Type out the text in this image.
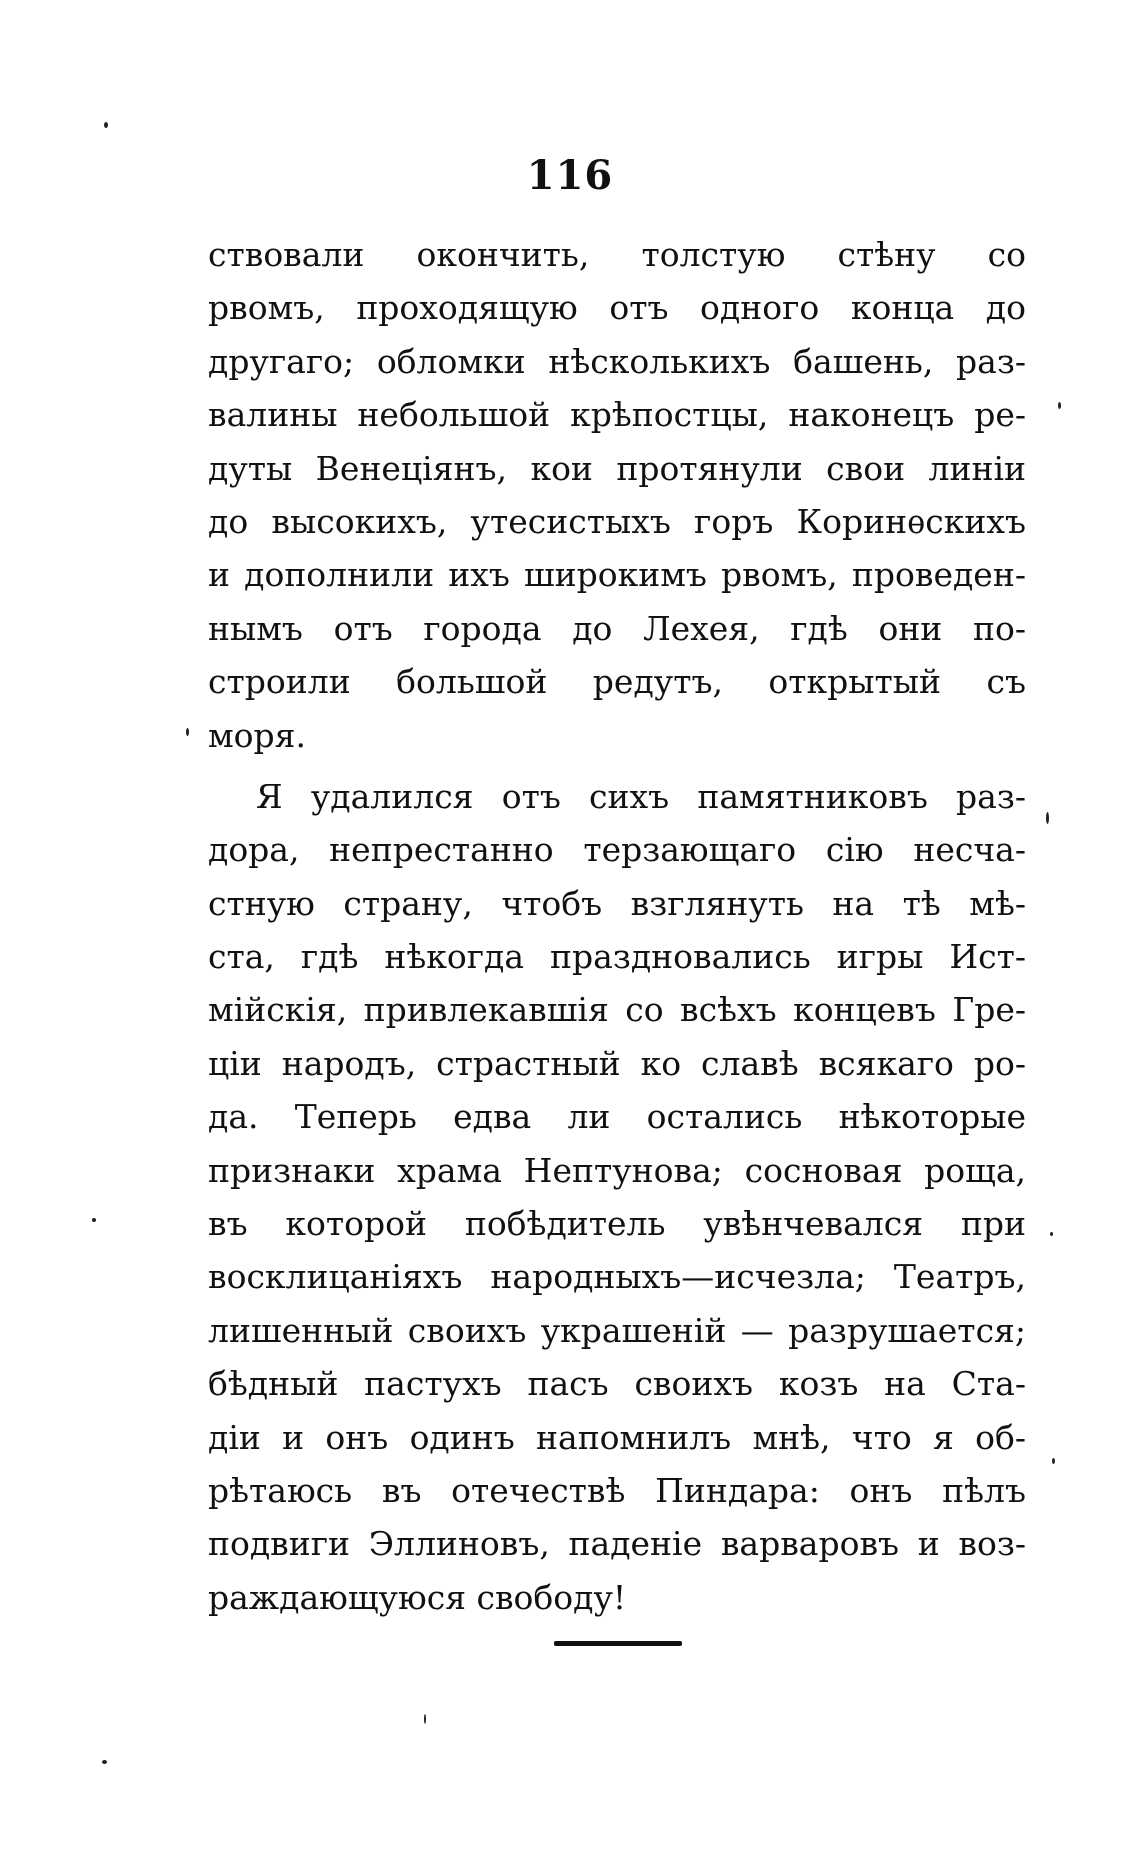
116
ствовали окончить, толстую стѣну со
рвомъ, проходящую отъ одного конца до
другаго; обломки нѣсколькихъ башень, раз-
валины небольшой крѣпостцы, наконецъ ре-
дуты Венеціянъ, кои протянули свои линіи
до высокихъ, утесистыхъ горъ Коринѳскихъ
и дополнили ихъ широкимъ рвомъ, проведен-
нымъ отъ города до Лехея, гдѣ они по-
строили большой редутъ, открытый съ
моря.
Я удалился отъ сихъ памятниковъ раз-
дора, непрестанно терзающаго сію несча-
стную страну, чтобъ взглянуть на тѣ мѣ-
ста, гдѣ нѣкогда праздновались игры Ист-
мійскія, привлекавшія со всѣхъ концевъ Гре-
ціи народъ, страстный ко славѣ всякаго ро-
да. Теперь едва ли остались нѣкоторые
признаки храма Нептунова; сосновая роща,
въ которой побѣдитель увѣнчевался при
восклицаніяхъ народныхъ—исчезла; Театръ,
лишенный своихъ украшеній — разрушается;
бѣдный пастухъ пасъ своихъ козъ на Ста-
діи и онъ одинъ напомнилъ мнѣ, что я об-
рѣтаюсь въ отечествѣ Пиндара: онъ пѣлъ
подвиги Эллиновъ, паденіе варваровъ и воз-
раждающуюся свободу!
